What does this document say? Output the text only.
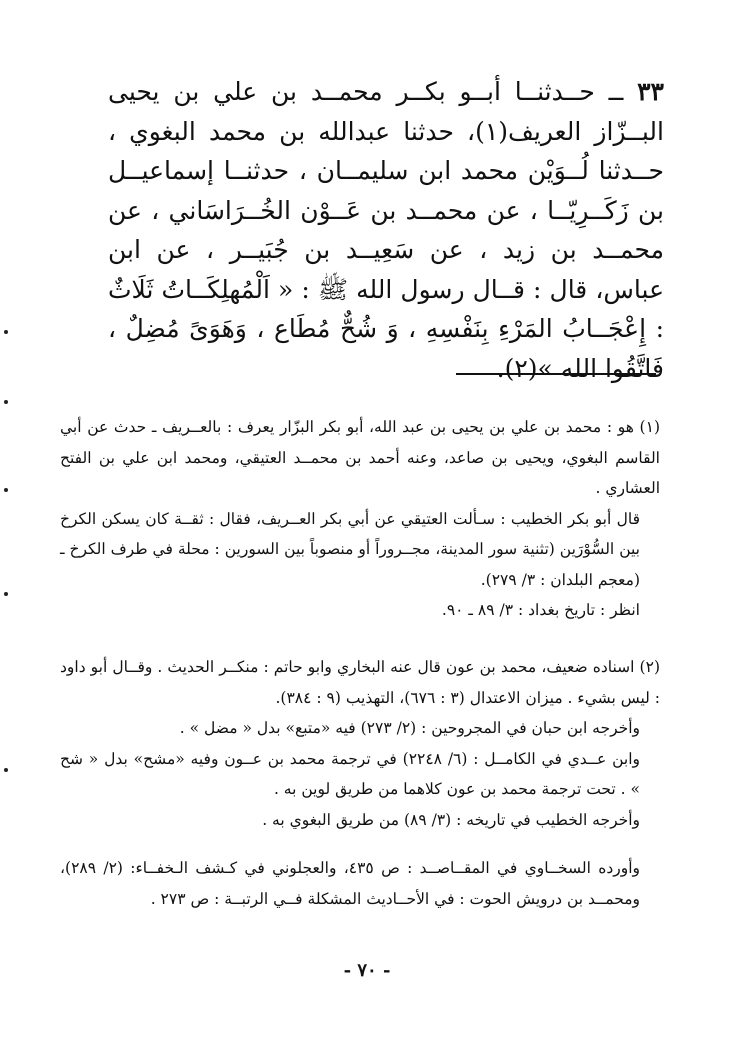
٣٣ ــ حــدثنــا أبــو بكــر محمــد بن علي بن يحيى البــزّاز العريف(١)، حدثنا عبدالله بن محمد البغوي ، حــدثنا لُــوَيْن محمد ابن سليمــان ، حدثنــا إسماعيــل بن زَكَــرِيّــا ، عن محمــد بن عَــوْن الخُــرَاسَاني ، عن محمــد بن زيد ، عن سَعِيــد بن جُبَيــر ، عن ابن عباس، قال : قــال رسول الله ﷺ : « اَلْمُهلِكَــاتُ ثَلَاثٌ : إِعْجَــابُ المَرْءِ بِنَفْسِهِ ، وَ شُحٌّ مُطَاع ، وَهَوَىً مُضِلٌ ، فَاتَّقُوا الله »(٢).

(١) هو : محمد بن علي بن يحيى بن عبد الله، أبو بكر البزّار يعرف : بالعــريف ـ حدث عن أبي القاسم البغوي، ويحيى بن صاعد، وعنه أحمد بن محمــد العتيقي، ومحمد ابن علي بن الفتح العشاري .

قال أبو بكر الخطيب : سـألت العتيقي عن أبي بكر العــريف، فقال : ثقــة كان يسكن الكرخ بين السُّوْرَين (تثنية سور المدينة، مجــروراً أو منصوباً بين السورين : محلة في طرف الكرخ ـ (معجم البلدان : ٣/ ٢٧٩).

انظر : تاريخ بغداد : ٣/ ٨٩ ـ ٩٠.

(٢) اسناده ضعيف، محمد بن عون قال عنه البخاري وابو حاتم : منكــر الحديث . وقــال أبو داود : ليس بشيء . ميزان الاعتدال (٣ : ٦٧٦)، التهذيب (٩ : ٣٨٤).

وأخرجه ابن حبان في المجروحين : (٢/ ٢٧٣) فيه «متبع» بدل « مضل » .

وابن عــدي في الكامــل : (٦/ ٢٢٤٨) في ترجمة محمد بن عــون وفيه «مشح» بدل « شح » . تحت ترجمة محمد بن عون كلاهما من طريق لوين به .

وأخرجه الخطيب في تاريخه : (٣/ ٨٩) من طريق البغوي به .

وأورده السخــاوي في المقــاصــد : ص ٤٣٥، والعجلوني في كـشف الـخفــاء: (٢/ ٢٨٩)، ومحمــد بن درويش الحوت : في الأحــاديث المشكلة فــي الرتبــة : ص ٢٧٣ .

- ٧٠ -
